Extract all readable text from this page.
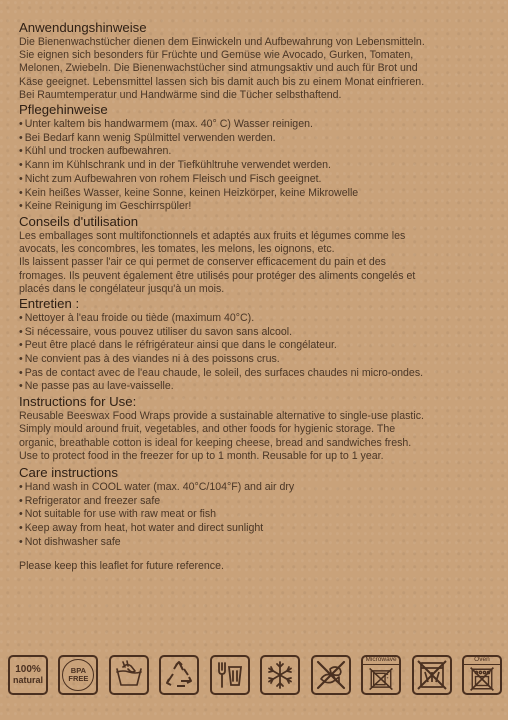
Anwendungshinweise

Die Bienenwachstücher dienen dem Einwickeln und Aufbewahrung von Lebensmitteln.

Sie eignen sich besonders für Früchte und Gemüse wie Avocado, Gurken, Tomaten,

Melonen, Zwiebeln. Die Bienenwachstücher sind atmungsaktiv und auch für Brot und

Käse geeignet. Lebensmittel lassen sich bis damit auch bis zu einem Monat einfrieren.

Bei Raumtemperatur und Handwärme sind die Tücher selbsthaftend.

Pflegehinweise
• Unter kaltem bis handwarmem (max. 40° C) Wasser reinigen.
• Bei Bedarf kann wenig Spülmittel verwenden werden.
• Kühl und trocken aufbewahren.
• Kann im Kühlschrank und in der Tiefkühltruhe verwendet werden.
• Nicht zum Aufbewahren von rohem Fleisch und Fisch geeignet.
• Kein heißes Wasser, keine Sonne, keinen Heizkörper, keine Mikrowelle
• Keine Reinigung im Geschirrspüler!
Conseils d'utilisation

Les emballages sont multifonctionnels et adaptés aux fruits et légumes comme les

avocats, les concombres, les tomates, les melons, les oignons, etc.

Ils laissent passer l'air ce qui permet de conserver efficacement du pain et des

fromages. Ils peuvent également être utilisés pour protéger des aliments congelés et

placés dans le congélateur jusqu'à un mois.

Entretien :
• Nettoyer à l'eau froide ou tiède (maximum 40°C).
• Si nécessaire, vous pouvez utiliser du savon sans alcool.
• Peut être placé dans le réfrigérateur ainsi que dans le congélateur.
• Ne convient pas à des viandes ni à des poissons crus.
• Pas de contact avec de l'eau chaude, le soleil, des surfaces chaudes ni micro-ondes.
• Ne passe pas au lave-vaisselle.
Instructions for Use:

Reusable Beeswax Food Wraps provide a sustainable alternative to single-use plastic.

Simply mould around fruit, vegetables, and other foods for hygienic storage. The

organic, breathable cotton is ideal for keeping cheese, bread and sandwiches fresh.

Use to protect food in the freezer for up to 1 month. Reusable for up to 1 year.

Care instructions
• Hand wash in COOL water (max. 40°C/104°F) and air dry
• Refrigerator and freezer safe
• Not suitable for use with raw meat or fish
• Keep away from heat, hot water and direct sunlight
• Not dishwasher safe

Please keep this leaflet for future reference.

100%
natural
BPA
FREE
Microwave	Oven
